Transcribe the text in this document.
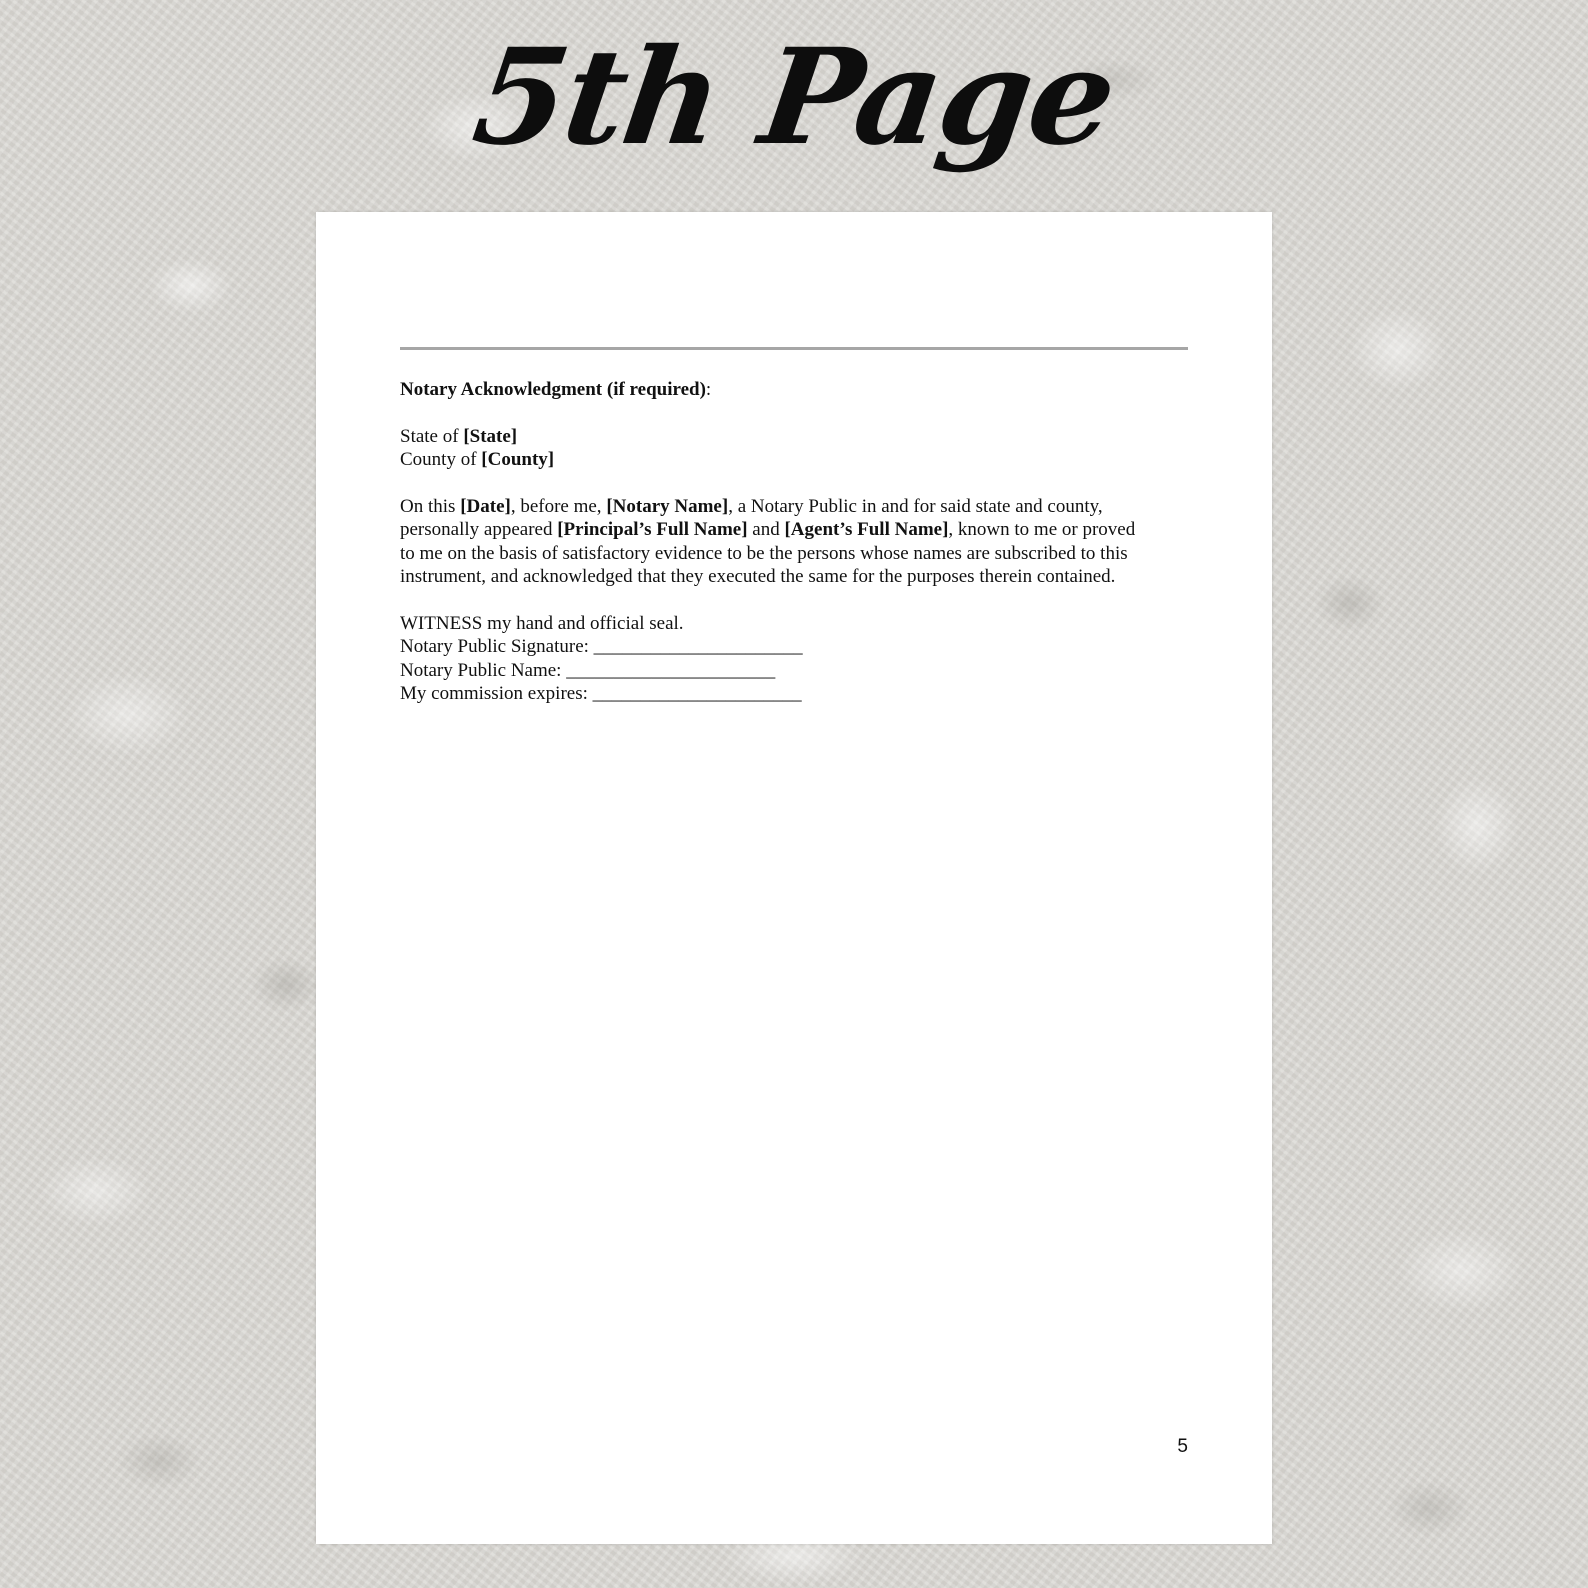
5th Page

Notary Acknowledgment (if required):

State of [State]
County of [County]

On this [Date], before me, [Notary Name], a Notary Public in and for said state and county,
personally appeared [Principal’s Full Name] and [Agent’s Full Name], known to me or proved
to me on the basis of satisfactory evidence to be the persons whose names are subscribed to this
instrument, and acknowledged that they executed the same for the purposes therein contained.

WITNESS my hand and official seal.
Notary Public Signature: ______________________
Notary Public Name: ______________________
My commission expires: ______________________

5
